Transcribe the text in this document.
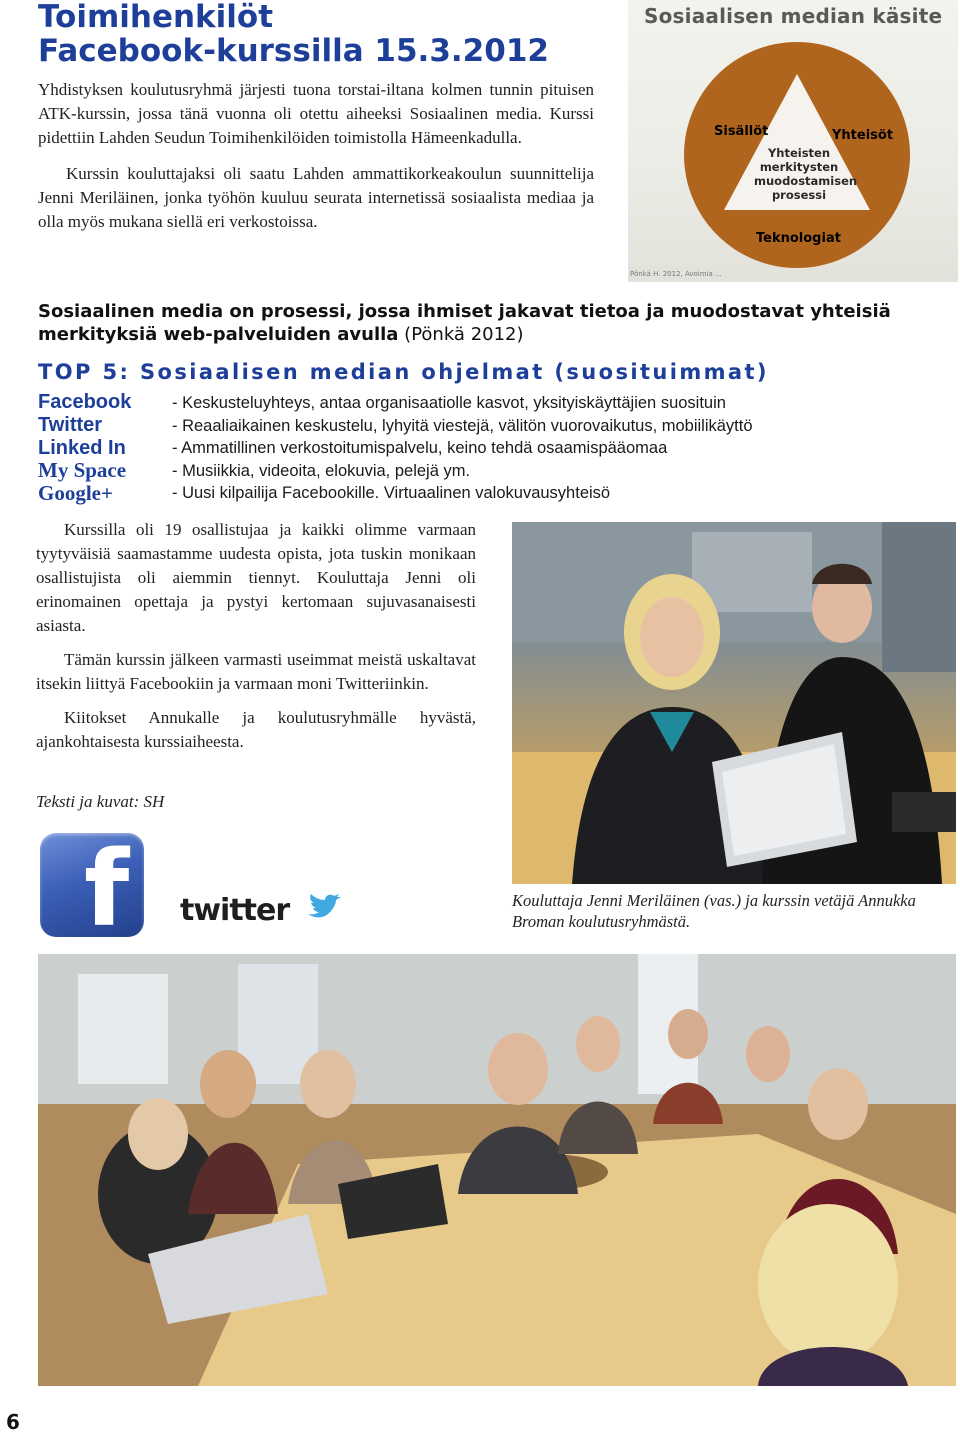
Toimihenkilöt
Facebook-kurssilla 15.3.2012

Yhdistyksen koulutusryhmä järjesti tuona torstai-iltana kolmen tunnin pituisen ATK-kurssin, jossa tänä vuonna oli otettu aiheeksi Sosiaalinen media. Kurssi pidettiin Lahden Seudun Toimihenkilöiden toimistolla Hämeenkadulla.

Kurssin kouluttajaksi oli saatu Lahden ammattikorkeakoulun suunnittelija Jenni Meriläinen, jonka työhön kuuluu seurata internetissä sosiaalista mediaa ja olla myös mukana siellä eri verkostoissa.

Sosiaalisen median käsite
Sisällöt	Yhteisöt
Teknologiat
Yhteisten merkitysten muodostamisen prosessi
Pönkä H. 2012, Avoimia ...
Sosiaalinen media on prosessi, jossa ihmiset jakavat tietoa ja muodostavat yhteisiä merkityksiä web-palveluiden avulla (Pönkä 2012)
TOP 5: Sosiaalisen median ohjelmat (suosituimmat)
Facebook	- Keskusteluyhteys, antaa organisaatiolle kasvot, yksityiskäyttäjien suosituin
Twitter	- Reaaliaikainen keskustelu, lyhyitä viestejä, välitön vuorovaikutus, mobiilikäyttö
Linked In	- Ammatillinen verkostoitumispalvelu, keino tehdä osaamispääomaa
My Space	- Musiikkia, videoita, elokuvia, pelejä ym.
Google+	- Uusi kilpailija Facebookille. Virtuaalinen valokuvausyhteisö

Kurssilla oli 19 osallistujaa ja kaikki olimme varmaan tyytyväisiä saamastamme uudesta opista, jota tuskin monikaan osallistujista oli aiemmin tiennyt. Kouluttaja Jenni oli erinomainen opettaja ja pystyi kertomaan sujuvasanaisesti asiasta.

Tämän kurssin jälkeen varmasti useimmat meistä uskaltavat itsekin liittyä Facebookiin ja varmaan moni Twitteriinkin.

Kiitokset Annukalle ja koulutusryhmälle hyvästä, ajankohtaisesta kurssiaiheesta.

Teksti ja kuvat: SH
f twitter	Kouluttaja Jenni Meriläinen (vas.) ja kurssin vetäjä Annukka Broman koulutusryhmästä.
6
